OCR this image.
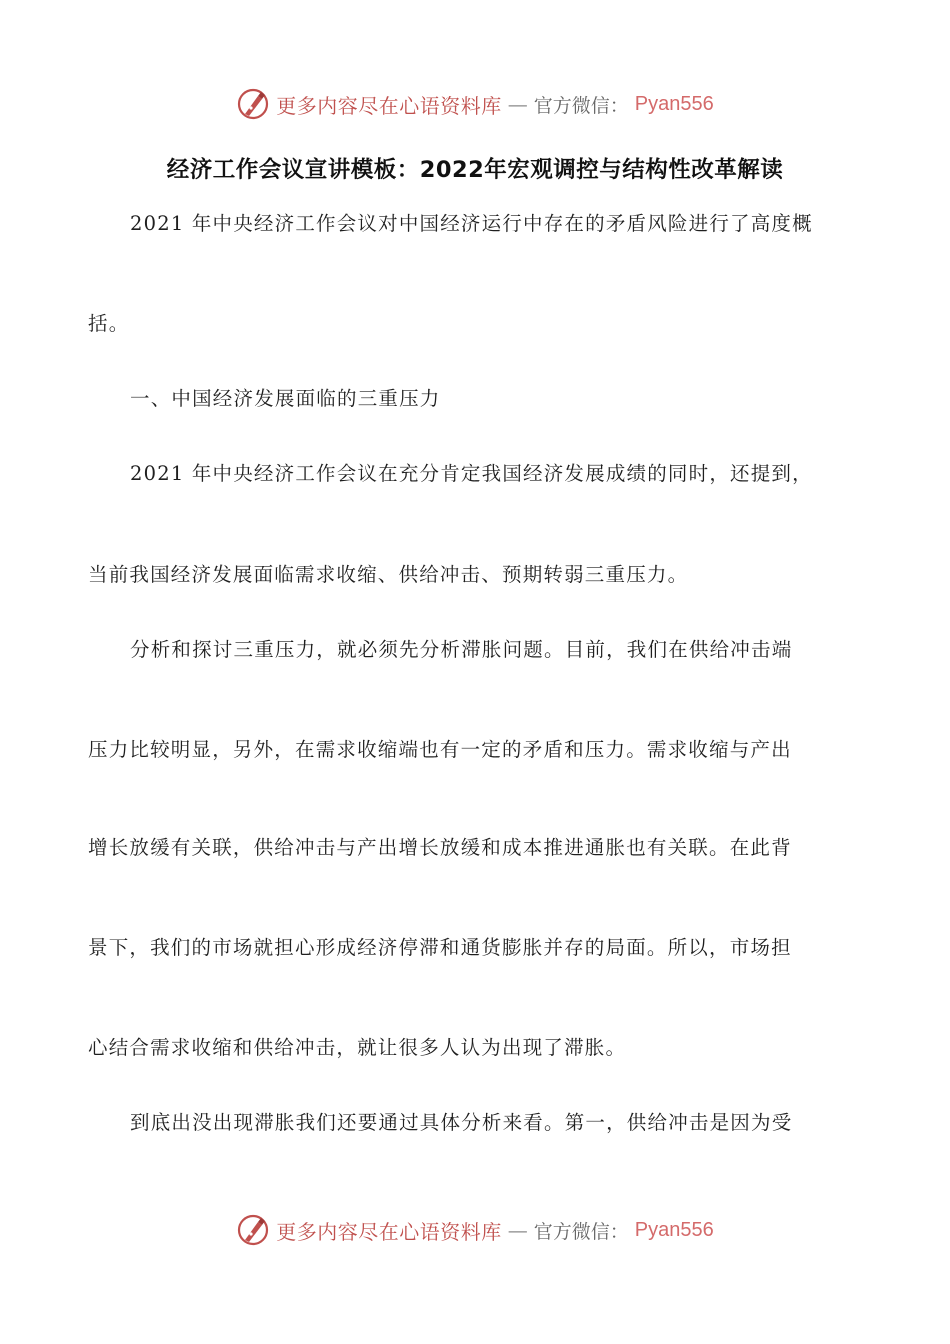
更多内容尽在心语资料库 — 官方微信： Pyan556
经济工作会议宣讲模板：2022年宏观调控与结构性改革解读
2021 年中央经济工作会议对中国经济运行中存在的矛盾风险进行了高度概
括。
一、中国经济发展面临的三重压力
2021 年中央经济工作会议在充分肯定我国经济发展成绩的同时，还提到，
当前我国经济发展面临需求收缩、供给冲击、预期转弱三重压力。
分析和探讨三重压力，就必须先分析滞胀问题。目前，我们在供给冲击端
压力比较明显，另外，在需求收缩端也有一定的矛盾和压力。需求收缩与产出
增长放缓有关联，供给冲击与产出增长放缓和成本推进通胀也有关联。在此背
景下，我们的市场就担心形成经济停滞和通货膨胀并存的局面。所以，市场担
心结合需求收缩和供给冲击，就让很多人认为出现了滞胀。
到底出没出现滞胀我们还要通过具体分析来看。第一，供给冲击是因为受
更多内容尽在心语资料库 — 官方微信： Pyan556
